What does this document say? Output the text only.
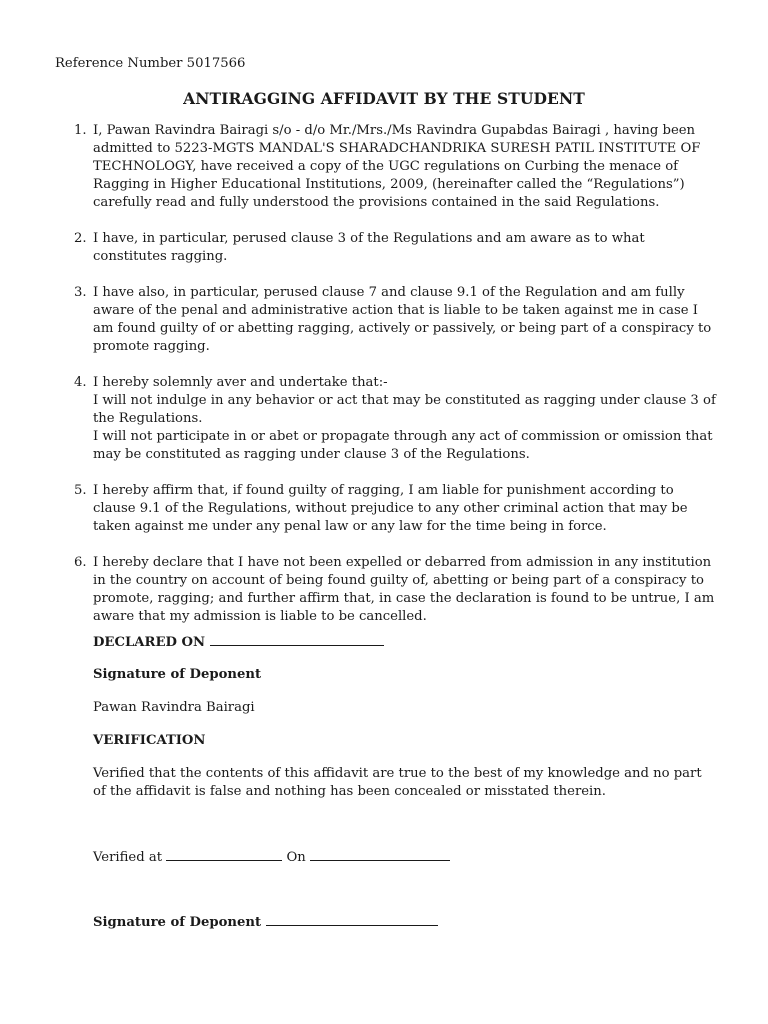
Reference Number 5017566
ANTIRAGGING AFFIDAVIT BY THE STUDENT
1. I, Pawan Ravindra Bairagi s/o - d/o Mr./Mrs./Ms Ravindra Gupabdas Bairagi , having been admitted to 5223-MGTS MANDAL'S SHARADCHANDRIKA SURESH PATIL INSTITUTE OF TECHNOLOGY, have received a copy of the UGC regulations on Curbing the menace of Ragging in Higher Educational Institutions, 2009, (hereinafter called the “Regulations”) carefully read and fully understood the provisions contained in the said Regulations.

2. I have, in particular, perused clause 3 of the Regulations and am aware as to what constitutes ragging.

3. I have also, in particular, perused clause 7 and clause 9.1 of the Regulation and am fully aware of the penal and administrative action that is liable to be taken against me in case I am found guilty of or abetting ragging, actively or passively, or being part of a conspiracy to promote ragging.

4. I hereby solemnly aver and undertake that:-

I will not indulge in any behavior or act that may be constituted as ragging under clause 3 of the Regulations.

I will not participate in or abet or propagate through any act of commission or omission that may be constituted as ragging under clause 3 of the Regulations.

5. I hereby affirm that, if found guilty of ragging, I am liable for punishment according to clause 9.1 of the Regulations, without prejudice to any other criminal action that may be taken against me under any penal law or any law for the time being in force.

6. I hereby declare that I have not been expelled or debarred from admission in any institution in the country on account of being found guilty of, abetting or being part of a conspiracy to promote, ragging; and further affirm that, in case the declaration is found to be untrue, I am aware that my admission is liable to be cancelled.

DECLARED ON
Signature of Deponent
Pawan Ravindra Bairagi
VERIFICATION
Verified that the contents of this affidavit are true to the best of my knowledge and no part of the affidavit is false and nothing has been concealed or misstated therein.
Verified at	On
Signature of Deponent
